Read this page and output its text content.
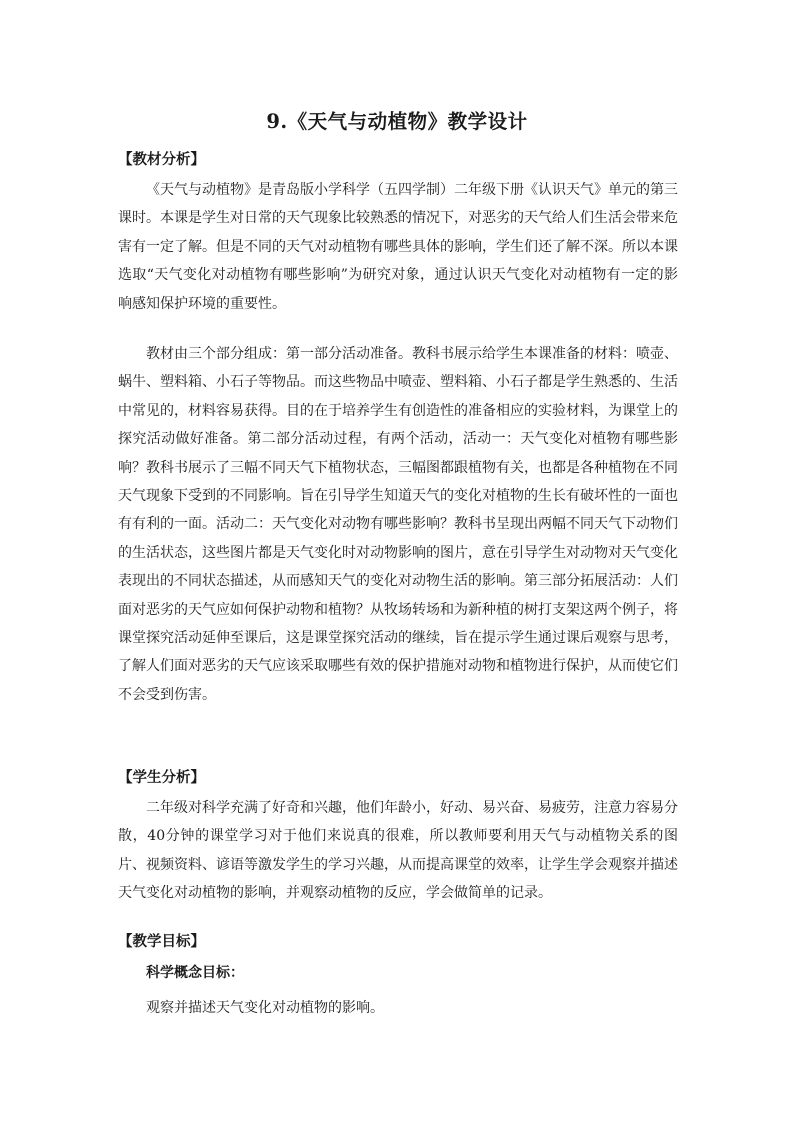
9.《天气与动植物》教学设计
【教材分析】

《天气与动植物》是青岛版小学科学（五四学制）二年级下册《认识天气》单元的第三课时。本课是学生对日常的天气现象比较熟悉的情况下，对恶劣的天气给人们生活会带来危害有一定了解。但是不同的天气对动植物有哪些具体的影响，学生们还了解不深。所以本课选取“天气变化对动植物有哪些影响”为研究对象，通过认识天气变化对动植物有一定的影响感知保护环境的重要性。

教材由三个部分组成：第一部分活动准备。教科书展示给学生本课准备的材料：喷壶、蜗牛、塑料箱、小石子等物品。而这些物品中喷壶、塑料箱、小石子都是学生熟悉的、生活中常见的，材料容易获得。目的在于培养学生有创造性的准备相应的实验材料，为课堂上的探究活动做好准备。第二部分活动过程，有两个活动，活动一：天气变化对植物有哪些影响？教科书展示了三幅不同天气下植物状态，三幅图都跟植物有关，也都是各种植物在不同天气现象下受到的不同影响。旨在引导学生知道天气的变化对植物的生长有破坏性的一面也有有利的一面。活动二：天气变化对动物有哪些影响？教科书呈现出两幅不同天气下动物们的生活状态，这些图片都是天气变化时对动物影响的图片，意在引导学生对动物对天气变化表现出的不同状态描述，从而感知天气的变化对动物生活的影响。第三部分拓展活动：人们面对恶劣的天气应如何保护动物和植物？从牧场转场和为新种植的树打支架这两个例子，将课堂探究活动延伸至课后，这是课堂探究活动的继续，旨在提示学生通过课后观察与思考，了解人们面对恶劣的天气应该采取哪些有效的保护措施对动物和植物进行保护，从而使它们不会受到伤害。

【学生分析】

二年级对科学充满了好奇和兴趣，他们年龄小，好动、易兴奋、易疲劳，注意力容易分散，40分钟的课堂学习对于他们来说真的很难，所以教师要利用天气与动植物关系的图片、视频资料、谚语等激发学生的学习兴趣，从而提高课堂的效率，让学生学会观察并描述天气变化对动植物的影响，并观察动植物的反应，学会做简单的记录。

【教学目标】
科学概念目标：
观察并描述天气变化对动植物的影响。
